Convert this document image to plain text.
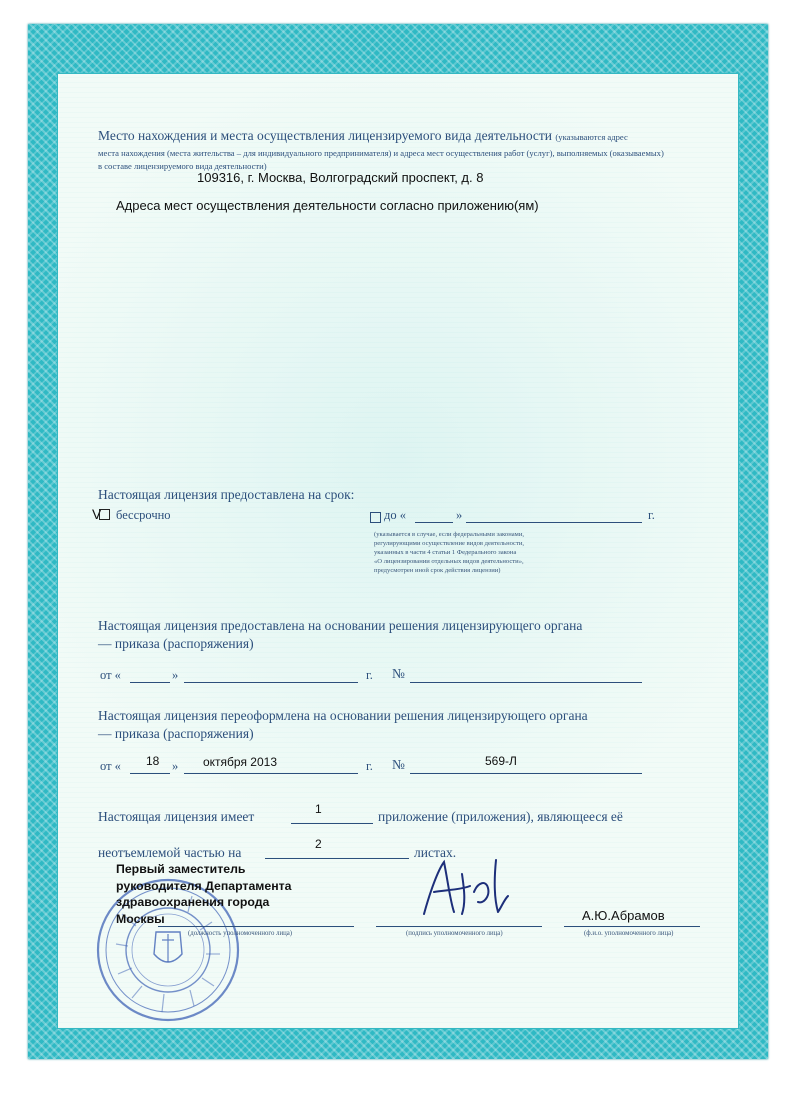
Место нахождения и места осуществления лицензируемого вида деятельности (указываются адрес
места нахождения (места жительства – для индивидуального предпринимателя) и адреса мест осуществления работ (услуг), выполняемых (оказываемых)
в составе лицензируемого вида деятельности)
109316, г. Москва, Волгоградский проспект, д. 8
Адреса мест осуществления деятельности согласно приложению(ям)
Настоящая лицензия предоставлена на срок:
V	бессрочно	до «	»	г.
(указывается в случае, если федеральными законами,
регулирующими осуществление видов деятельности,
указанных в части 4 статьи 1 Федерального закона
«О лицензировании отдельных видов деятельности»,
предусмотрен иной срок действия лицензии)
Настоящая лицензия предоставлена на основании решения лицензирующего органа
— приказа (распоряжения)
от «	»	г. №
Настоящая лицензия переоформлена на основании решения лицензирующего органа
— приказа (распоряжения)
от « 18 » октября 2013	г. №	569-Л
Настоящая лицензия имеет	1	приложение (приложения), являющееся её
неотъемлемой частью на
2
листах.
Первый заместитель
руководителя Департамента
здравоохранения города
Москвы
(должность уполномоченного лица)	(подпись уполномоченного лица)
А.Ю.Абрамов
(ф.и.о. уполномоченного лица)
